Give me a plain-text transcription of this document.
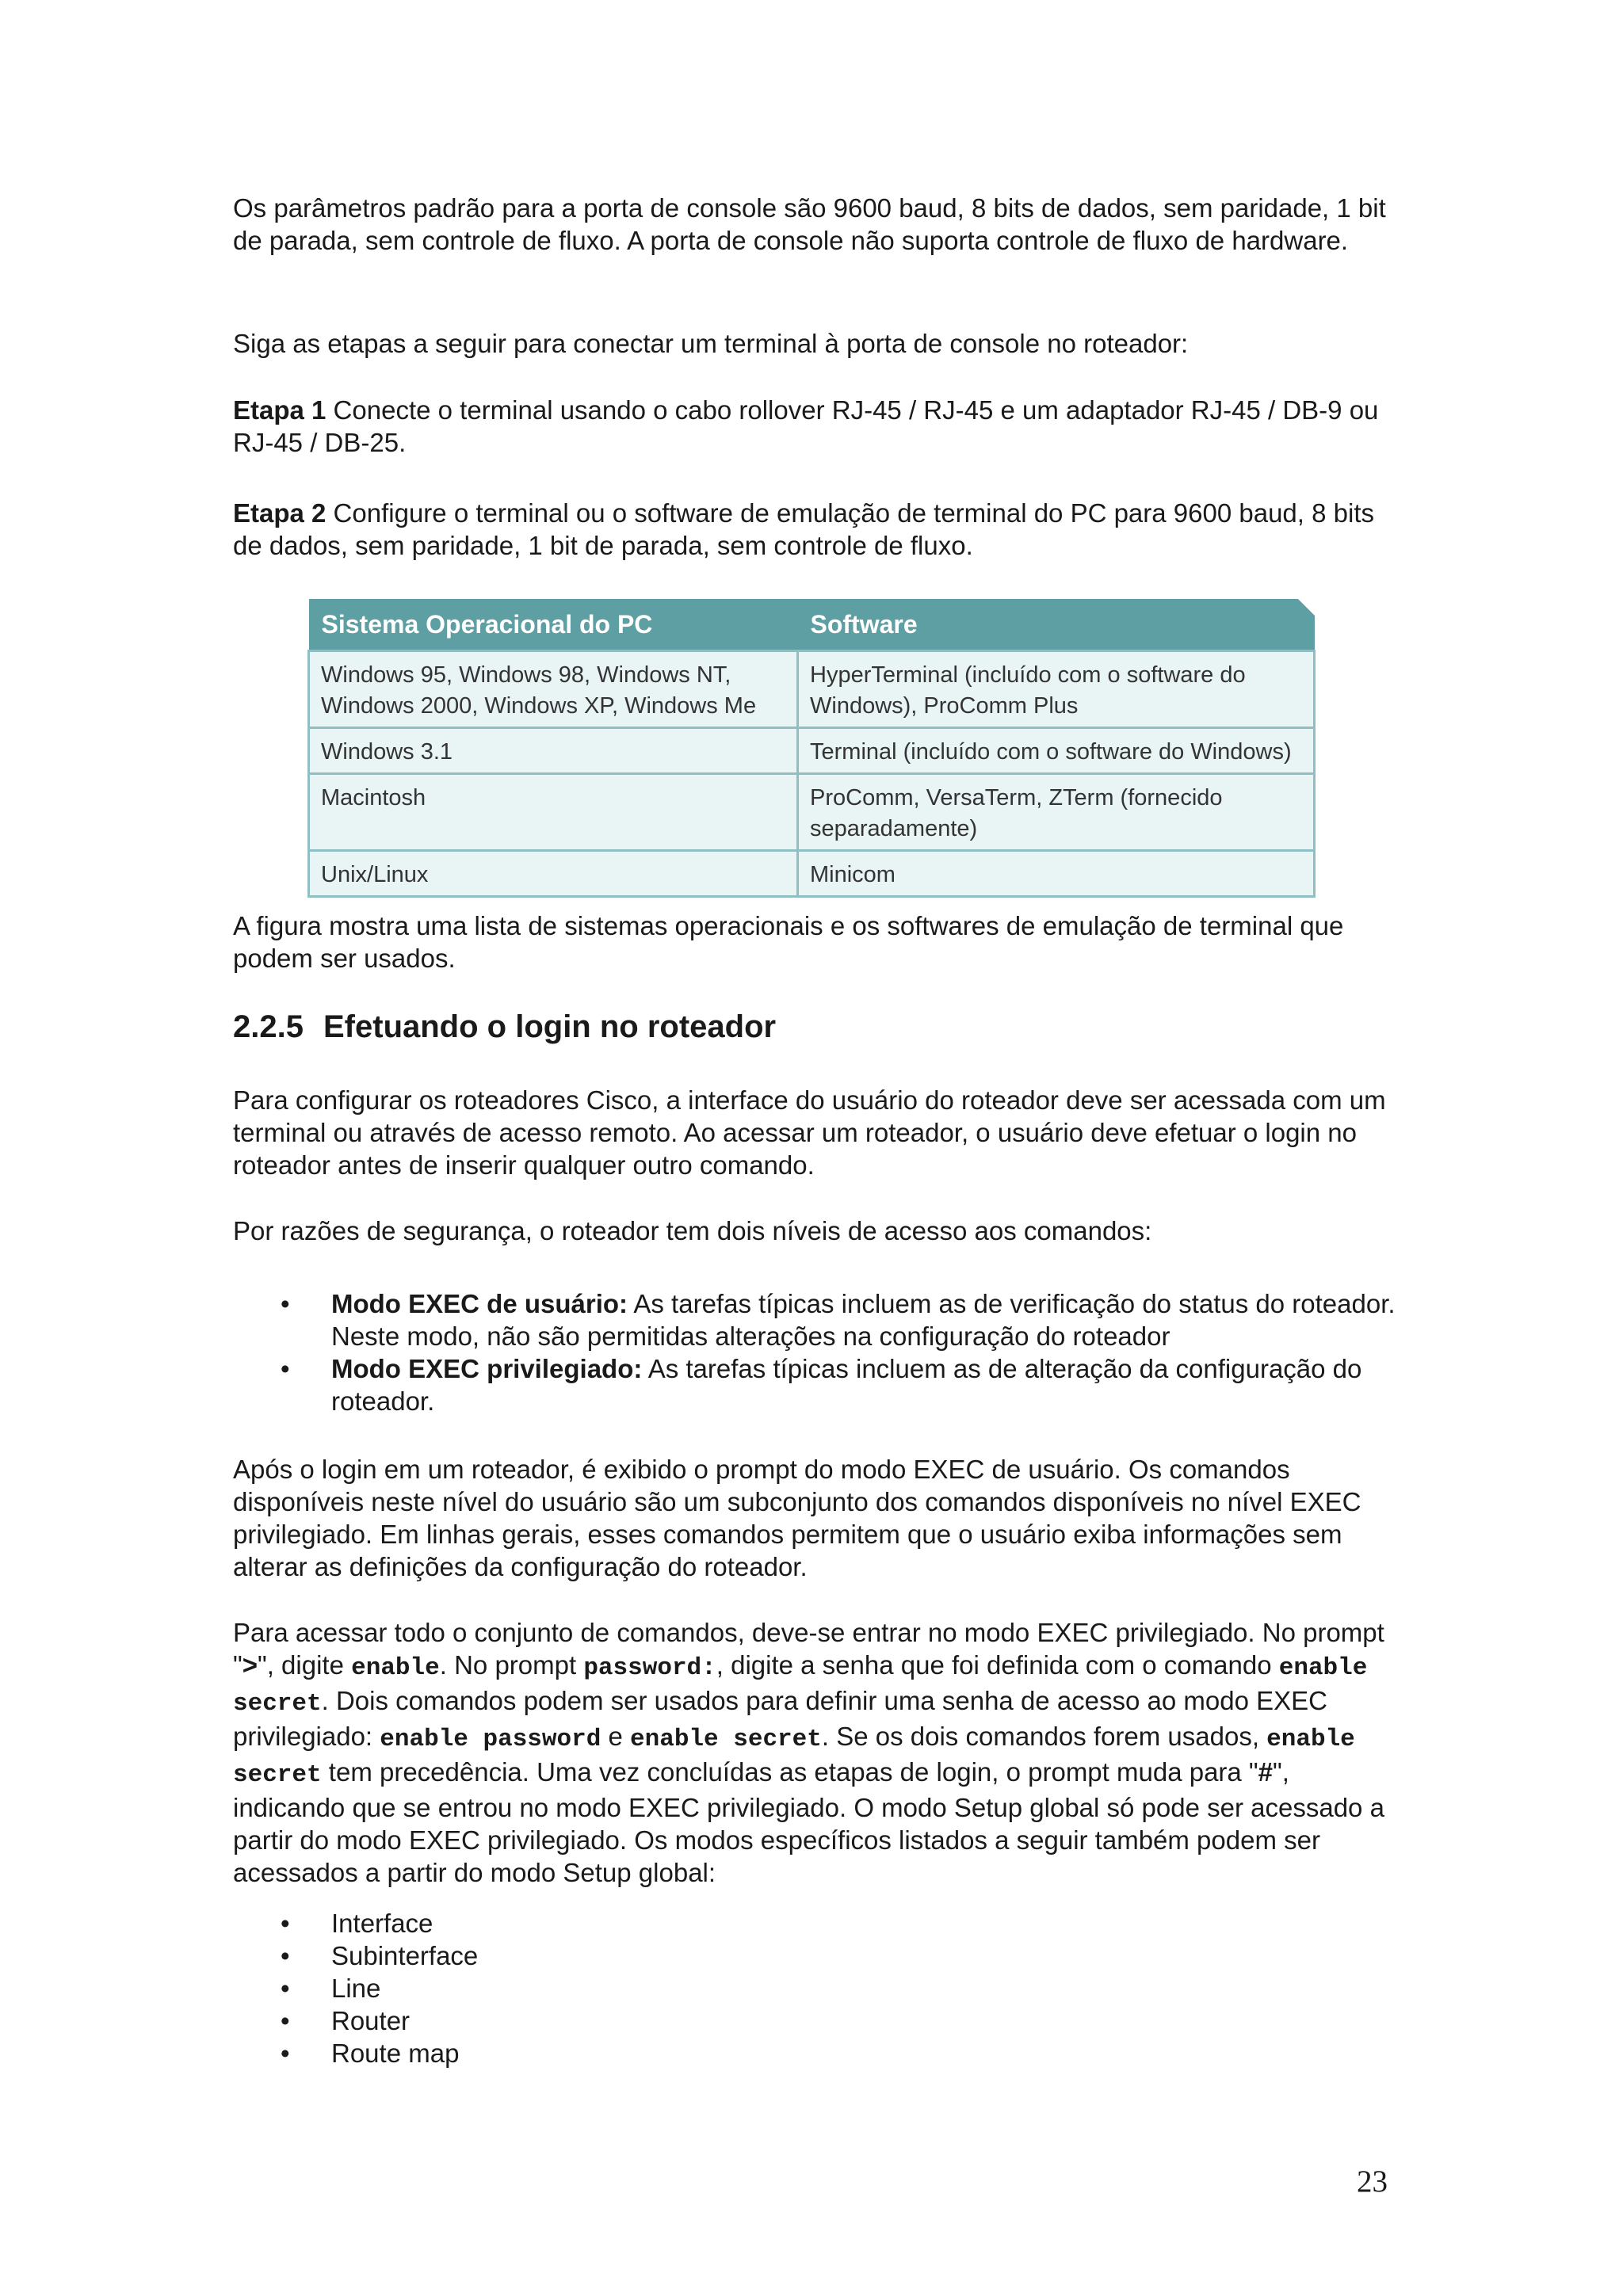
Os parâmetros padrão para a porta de console são 9600 baud, 8 bits de dados, sem paridade, 1 bit de parada, sem controle de fluxo. A porta de console não suporta controle de fluxo de hardware.

Siga as etapas a seguir para conectar um terminal à porta de console no roteador:

Etapa 1 Conecte o terminal usando o cabo rollover RJ-45 / RJ-45 e um adaptador RJ-45 / DB-9 ou RJ-45 / DB-25.

Etapa 2 Configure o terminal ou o software de emulação de terminal do PC para 9600 baud, 8 bits de dados, sem paridade, 1 bit de parada, sem controle de fluxo.

Sistema Operacional do PC	Software
Windows 95, Windows 98, Windows NT, Windows 2000, Windows XP, Windows Me	HyperTerminal (incluído com o software do Windows), ProComm Plus
Windows 3.1	Terminal (incluído com o software do Windows)
Macintosh	ProComm, VersaTerm, ZTerm (fornecido separadamente)
Unix/Linux	Minicom

A figura mostra uma lista de sistemas operacionais e os softwares de emulação de terminal que podem ser usados.

2.2.5 Efetuando o login no roteador

Para configurar os roteadores Cisco, a interface do usuário do roteador deve ser acessada com um terminal ou através de acesso remoto. Ao acessar um roteador, o usuário deve efetuar o login no roteador antes de inserir qualquer outro comando.

Por razões de segurança, o roteador tem dois níveis de acesso aos comandos:

• Modo EXEC de usuário: As tarefas típicas incluem as de verificação do status do roteador. Neste modo, não são permitidas alterações na configuração do roteador
• Modo EXEC privilegiado: As tarefas típicas incluem as de alteração da configuração do roteador.

Após o login em um roteador, é exibido o prompt do modo EXEC de usuário. Os comandos disponíveis neste nível do usuário são um subconjunto dos comandos disponíveis no nível EXEC privilegiado. Em linhas gerais, esses comandos permitem que o usuário exiba informações sem alterar as definições da configuração do roteador.

Para acessar todo o conjunto de comandos, deve-se entrar no modo EXEC privilegiado. No prompt ">", digite enable. No prompt password:, digite a senha que foi definida com o comando enable secret. Dois comandos podem ser usados para definir uma senha de acesso ao modo EXEC privilegiado: enable password e enable secret. Se os dois comandos forem usados, enable secret tem precedência. Uma vez concluídas as etapas de login, o prompt muda para "#", indicando que se entrou no modo EXEC privilegiado. O modo Setup global só pode ser acessado a partir do modo EXEC privilegiado. Os modos específicos listados a seguir também podem ser acessados a partir do modo Setup global:

• Interface
• Subinterface
• Line
• Router
• Route map
23
